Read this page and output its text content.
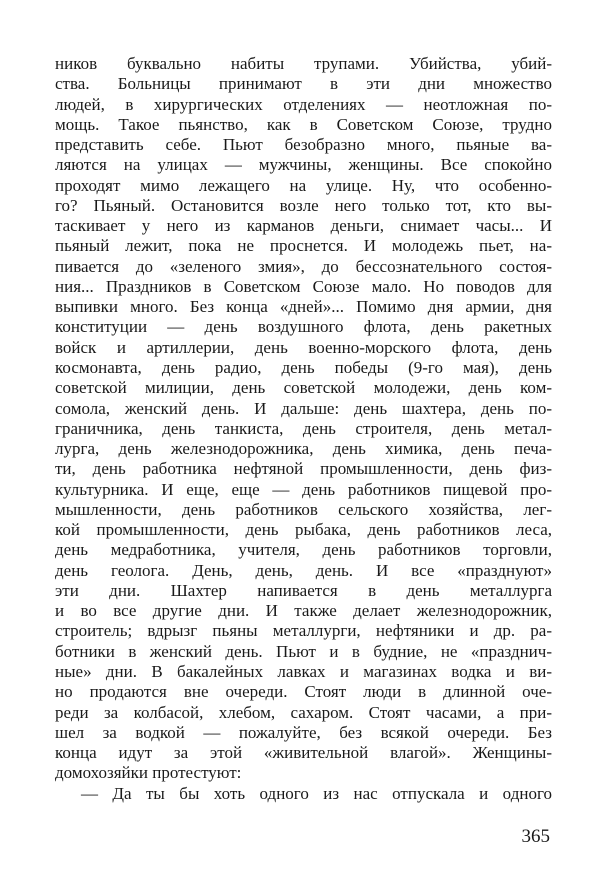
ников буквально набиты трупами. Убийства, убий-
ства. Больницы принимают в эти дни множество
людей, в хирургических отделениях — неотложная по-
мощь. Такое пьянство, как в Советском Союзе, трудно
представить себе. Пьют безобразно много, пьяные ва-
ляются на улицах — мужчины, женщины. Все спокойно
проходят мимо лежащего на улице. Ну, что особенно-
го? Пьяный. Остановится возле него только тот, кто вы-
таскивает у него из карманов деньги, снимает часы... И
пьяный лежит, пока не проснется. И молодежь пьет, на-
пивается до «зеленого змия», до бессознательного состоя-
ния... Праздников в Советском Союзе мало. Но поводов для
выпивки много. Без конца «дней»... Помимо дня армии, дня
конституции — день воздушного флота, день ракетных
войск и артиллерии, день военно-морского флота, день
космонавта, день радио, день победы (9-го мая), день
советской милиции, день советской молодежи, день ком-
сомола, женский день. И дальше: день шахтера, день по-
граничника, день танкиста, день строителя, день метал-
лурга, день железнодорожника, день химика, день печа-
ти, день работника нефтяной промышленности, день физ-
культурника. И еще, еще — день работников пищевой про-
мышленности, день работников сельского хозяйства, лег-
кой промышленности, день рыбака, день работников леса,
день медработника, учителя, день работников торговли,
день геолога. День, день, день. И все «празднуют»
эти дни. Шахтер напивается в день металлурга
и во все другие дни. И также делает железнодорожник,
строитель; вдрызг пьяны металлурги, нефтяники и др. ра-
ботники в женский день. Пьют и в будние, не «празднич-
ные» дни. В бакалейных лавках и магазинах водка и ви-
но продаются вне очереди. Стоят люди в длинной оче-
реди за колбасой, хлебом, сахаром. Стоят часами, а при-
шел за водкой — пожалуйте, без всякой очереди. Без
конца идут за этой «живительной влагой». Женщины-
домохозяйки протестуют:
— Да ты бы хоть одного из нас отпускала и одного
365
